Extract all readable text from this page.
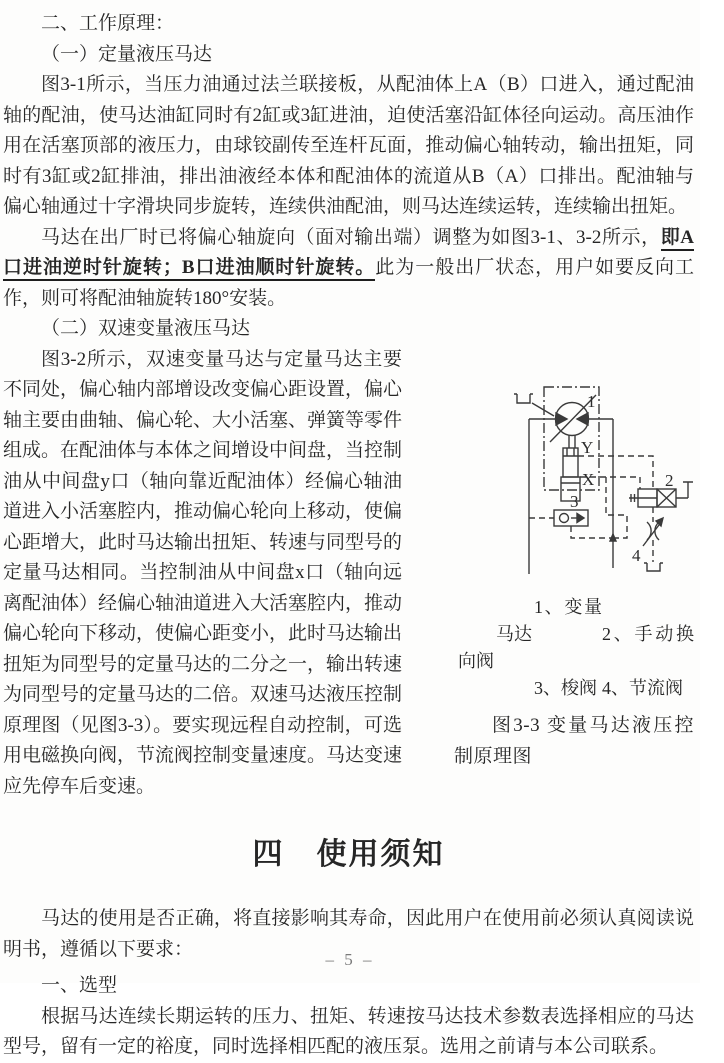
二、工作原理：

（一）定量液压马达

图3-1所示，当压力油通过法兰联接板，从配油体上A（B）口进入，通过配油轴的配油，使马达油缸同时有2缸或3缸进油，迫使活塞沿缸体径向运动。高压油作用在活塞顶部的液压力，由球铰副传至连杆瓦面，推动偏心轴转动，输出扭矩，同时有3缸或2缸排油，排出油液经本体和配油体的流道从B（A）口排出。配油轴与偏心轴通过十字滑块同步旋转，连续供油配油，则马达连续运转，连续输出扭矩。

马达在出厂时已将偏心轴旋向（面对输出端）调整为如图3-1、3-2所示，即A口进油逆时针旋转；B口进油顺时针旋转。此为一般出厂状态，用户如要反向工作，则可将配油轴旋转180°安装。

（二）双速变量液压马达

1
2
3
4
Y
X
1、变量马达	2、手动换向阀
3、梭阀 4、节流阀
图3-3 变量马达液压控制原理图
图3-2所示，双速变量马达与定量马达主要不同处，偏心轴内部增设改变偏心距设置，偏心轴主要由曲轴、偏心轮、大小活塞、弹簧等零件组成。在配油体与本体之间增设中间盘，当控制油从中间盘y口（轴向靠近配油体）经偏心轴油道进入小活塞腔内，推动偏心轮向上移动，使偏心距增大，此时马达输出扭矩、转速与同型号的定量马达相同。当控制油从中间盘x口（轴向远离配油体）经偏心轴油道进入大活塞腔内，推动偏心轮向下移动，使偏心距变小，此时马达输出扭矩为同型号的定量马达的二分之一，输出转速为同型号的定量马达的二倍。双速马达液压控制原理图（见图3-3）。要实现远程自动控制，可选用电磁换向阀，节流阀控制变量速度。马达变速应先停车后变速。

四　使用须知

马达的使用是否正确，将直接影响其寿命，因此用户在使用前必须认真阅读说明书，遵循以下要求：

一、选型

根据马达连续长期运转的压力、扭矩、转速按马达技术参数表选择相应的马达型号，留有一定的裕度，同时选择相匹配的液压泵。选用之前请与本公司联系。

– 5 –
